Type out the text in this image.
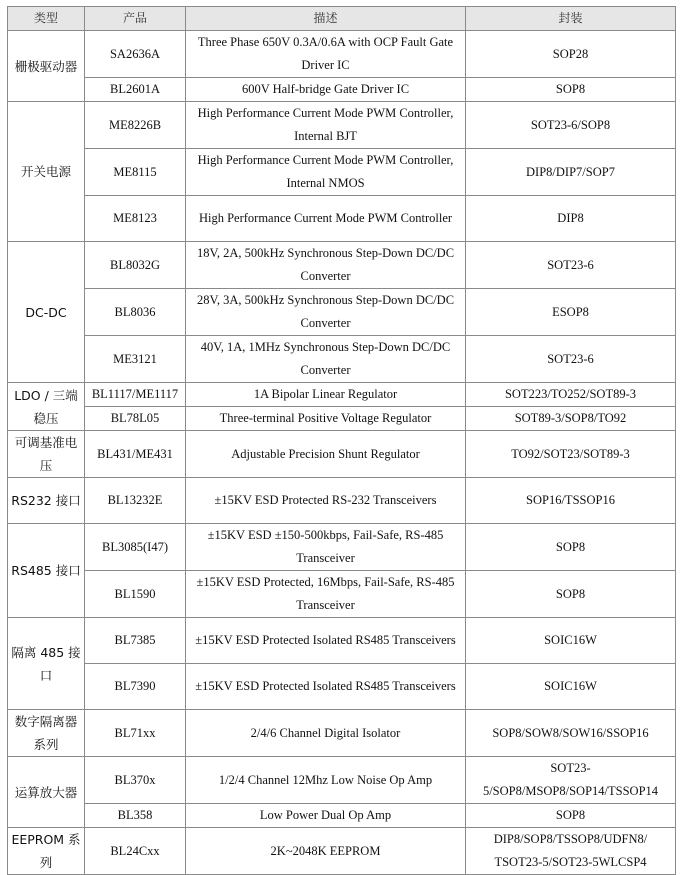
类型	产品	描述	封装
栅极驱动器	SA2636A	Three Phase 650V 0.3A/0.6A with OCP Fault Gate Driver IC	SOP28
	BL2601A	600V Half-bridge Gate Driver IC	SOP8
开关电源	ME8226B	High Performance Current Mode PWM Controller, Internal BJT	SOT23-6/SOP8
	ME8115	High Performance Current Mode PWM Controller, Internal NMOS	DIP8/DIP7/SOP7
	ME8123	High Performance Current Mode PWM Controller	DIP8
DC-DC	BL8032G	18V, 2A, 500kHz Synchronous Step-Down DC/DC Converter	SOT23-6
	BL8036	28V, 3A, 500kHz Synchronous Step-Down DC/DC Converter	ESOP8
	ME3121	40V, 1A, 1MHz Synchronous Step-Down DC/DC Converter	SOT23-6
LDO / 三端稳压	BL1117/ME1117	1A Bipolar Linear Regulator	SOT223/TO252/SOT89-3
	BL78L05	Three-terminal Positive Voltage Regulator	SOT89-3/SOP8/TO92
可调基准电压	BL431/ME431	Adjustable Precision Shunt Regulator	TO92/SOT23/SOT89-3
RS232 接口	BL13232E	±15KV ESD Protected RS-232 Transceivers	SOP16/TSSOP16
RS485 接口	BL3085(I47)	±15KV ESD ±150-500kbps, Fail-Safe, RS-485 Transceiver	SOP8
	BL1590	±15KV ESD Protected, 16Mbps, Fail-Safe, RS-485 Transceiver	SOP8
隔离 485 接口	BL7385	±15KV ESD Protected Isolated RS485 Transceivers	SOIC16W
	BL7390	±15KV ESD Protected Isolated RS485 Transceivers	SOIC16W
数字隔离器系列	BL71xx	2/4/6 Channel Digital Isolator	SOP8/SOW8/SOW16/SSOP16
运算放大器	BL370x	1/2/4 Channel 12Mhz Low Noise Op Amp	SOT23-5/SOP8/MSOP8/SOP14/TSSOP14
	BL358	Low Power Dual Op Amp	SOP8
EEPROM 系列	BL24Cxx	2K~2048K EEPROM	DIP8/SOP8/TSSOP8/UDFN8/ TSOT23-5/SOT23-5WLCSP4
